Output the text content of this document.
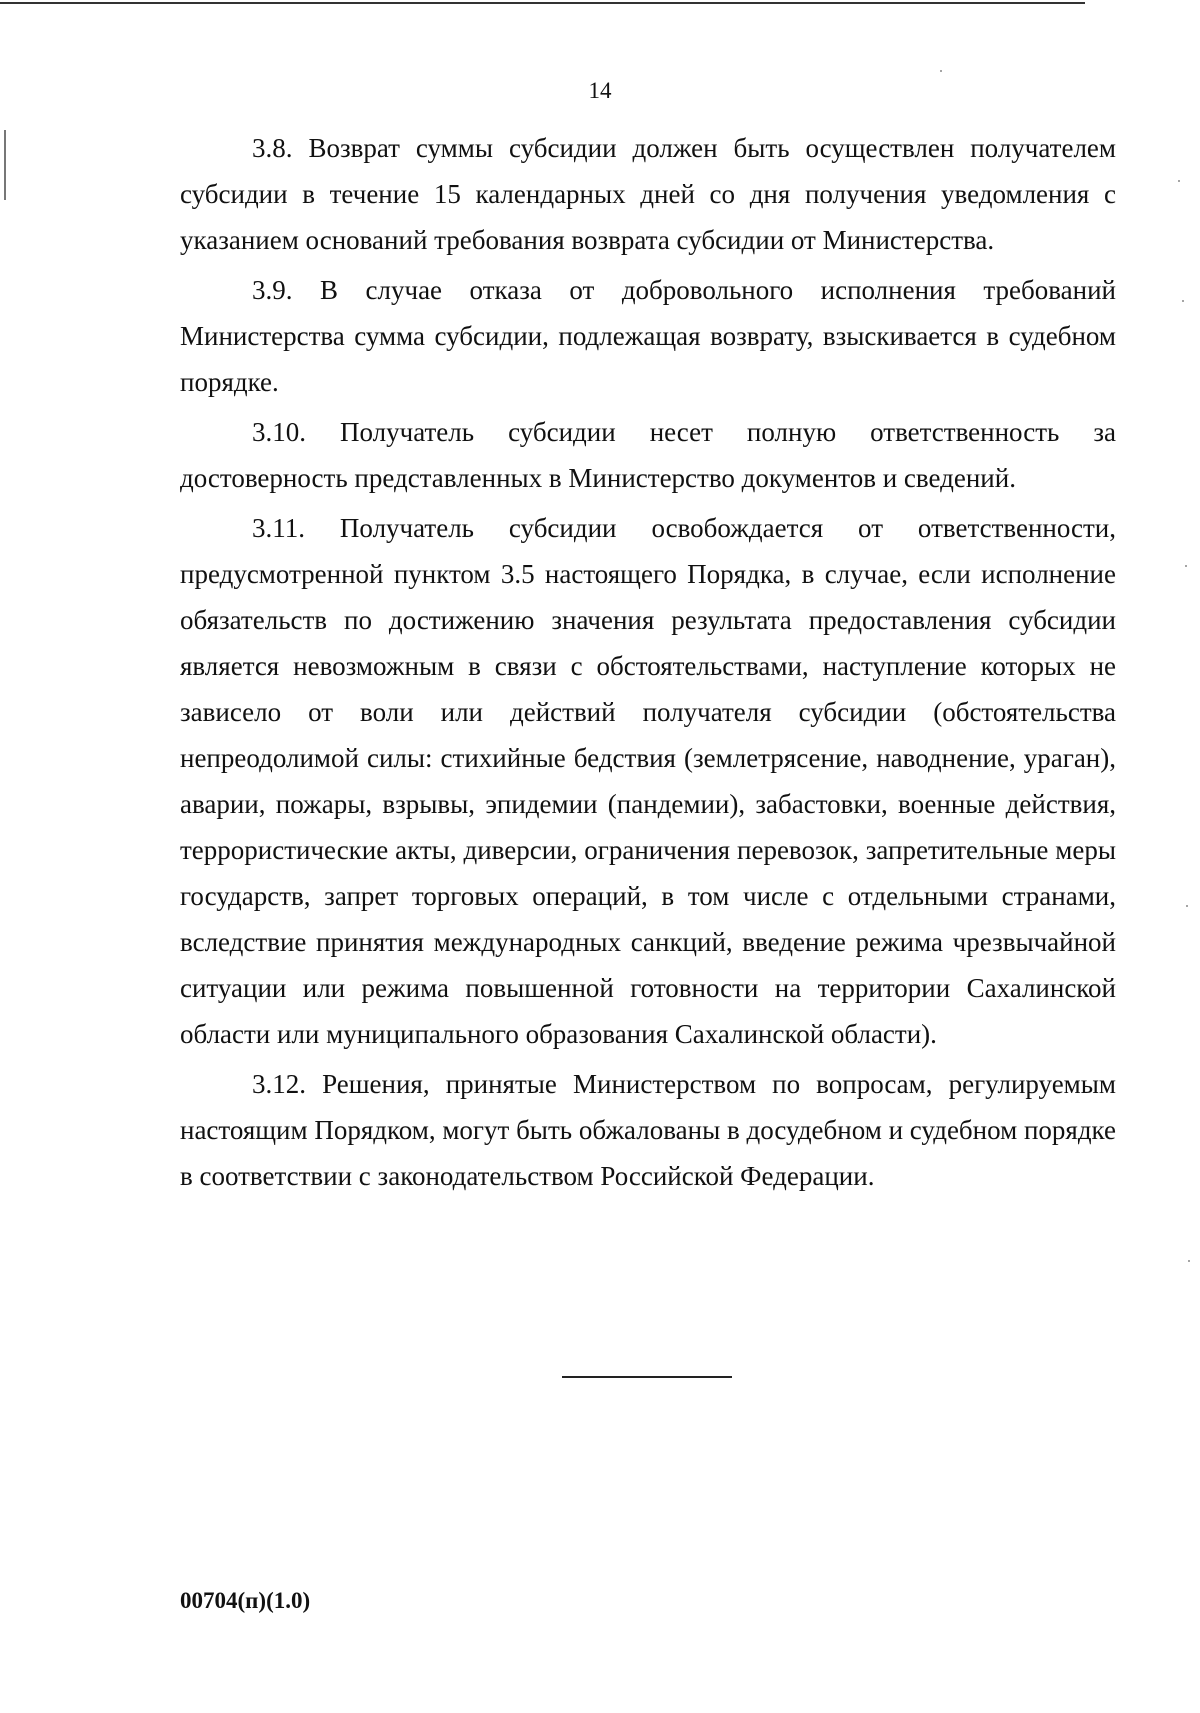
14

3.8. Возврат суммы субсидии должен быть осуществлен получателем субсидии в течение 15 календарных дней со дня получения уведомления с указанием оснований требования возврата субсидии от Министерства.

3.9. В случае отказа от добровольного исполнения требований Министерства сумма субсидии, подлежащая возврату, взыскивается в судебном порядке.

3.10. Получатель субсидии несет полную ответственность за достоверность представленных в Министерство документов и сведений.

3.11. Получатель субсидии освобождается от ответственности, предусмотренной пунктом 3.5 настоящего Порядка, в случае, если исполнение обязательств по достижению значения результата предоставления субсидии является невозможным в связи с обстоятельствами, наступление которых не зависело от воли или действий получателя субсидии (обстоятельства непреодолимой силы: стихийные бедствия (землетрясение, наводнение, ураган), аварии, пожары, взрывы, эпидемии (пандемии), забастовки, военные действия, террористические акты, диверсии, ограничения перевозок, запретительные меры государств, запрет торговых операций, в том числе с отдельными странами, вследствие принятия международных санкций, введение режима чрезвычайной ситуации или режима повышенной готовности на территории Сахалинской области или муниципального образования Сахалинской области).

3.12. Решения, принятые Министерством по вопросам, регулируемым настоящим Порядком, могут быть обжалованы в досудебном и судебном порядке в соответствии с законодательством Российской Федерации.

00704(п)(1.0)
